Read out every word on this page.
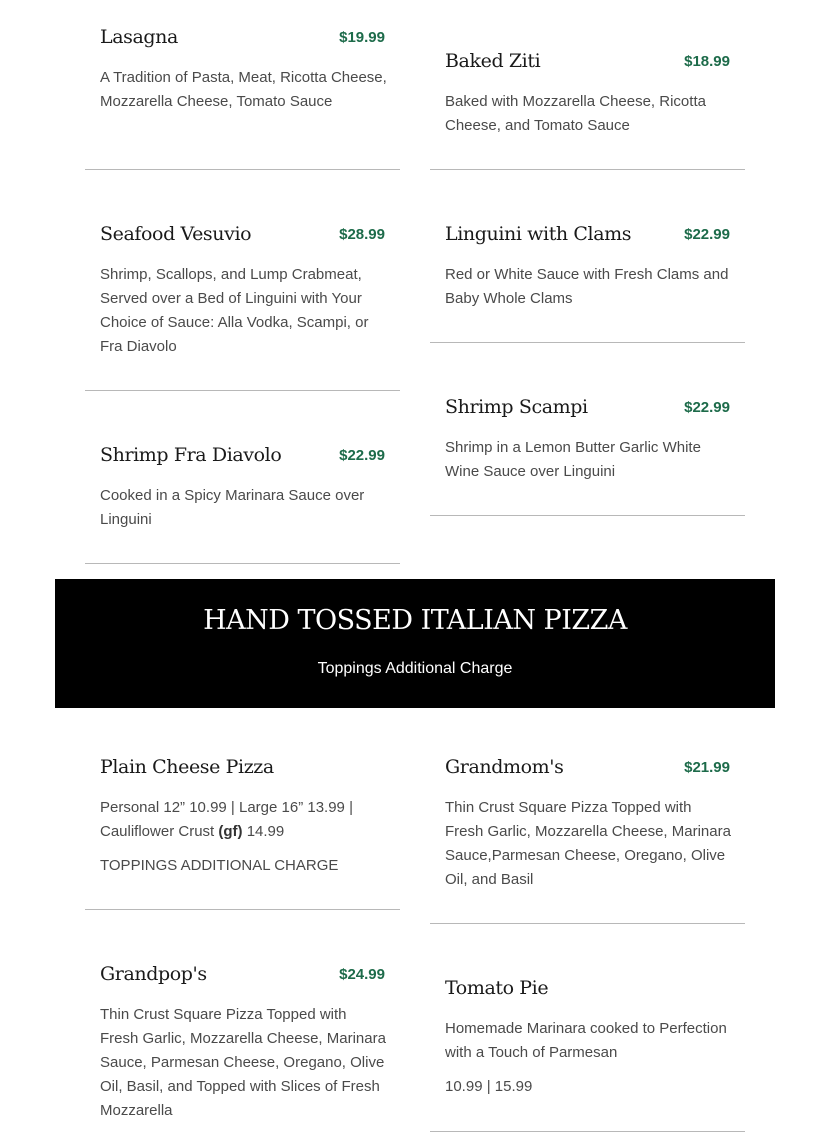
Lasagna	$19.99
A Tradition of Pasta, Meat, Ricotta Cheese, Mozzarella Cheese, Tomato Sauce
Seafood Vesuvio	$28.99
Shrimp, Scallops, and Lump Crabmeat, Served over a Bed of Linguini with Your Choice of Sauce: Alla Vodka, Scampi, or Fra Diavolo
Shrimp Fra Diavolo	$22.99
Cooked in a Spicy Marinara Sauce over Linguini
Baked Ziti	$18.99
Baked with Mozzarella Cheese, Ricotta Cheese, and Tomato Sauce
Linguini with Clams	$22.99
Red or White Sauce with Fresh Clams and Baby Whole Clams
Shrimp Scampi	$22.99
Shrimp in a Lemon Butter Garlic White Wine Sauce over Linguini
HAND TOSSED ITALIAN PIZZA
Toppings Additional Charge
Plain Cheese Pizza
Personal 12” 10.99 | Large 16” 13.99 | Cauliflower Crust (gf) 14.99
TOPPINGS ADDITIONAL CHARGE
Grandpop's	$24.99
Thin Crust Square Pizza Topped with Fresh Garlic, Mozzarella Cheese, Marinara Sauce, Parmesan Cheese, Oregano, Olive Oil, Basil, and Topped with Slices of Fresh Mozzarella
Grandmom's	$21.99
Thin Crust Square Pizza Topped with Fresh Garlic, Mozzarella Cheese, Marinara Sauce,Parmesan Cheese, Oregano, Olive Oil, and Basil
Tomato Pie
Homemade Marinara cooked to Perfection with a Touch of Parmesan
10.99 | 15.99
